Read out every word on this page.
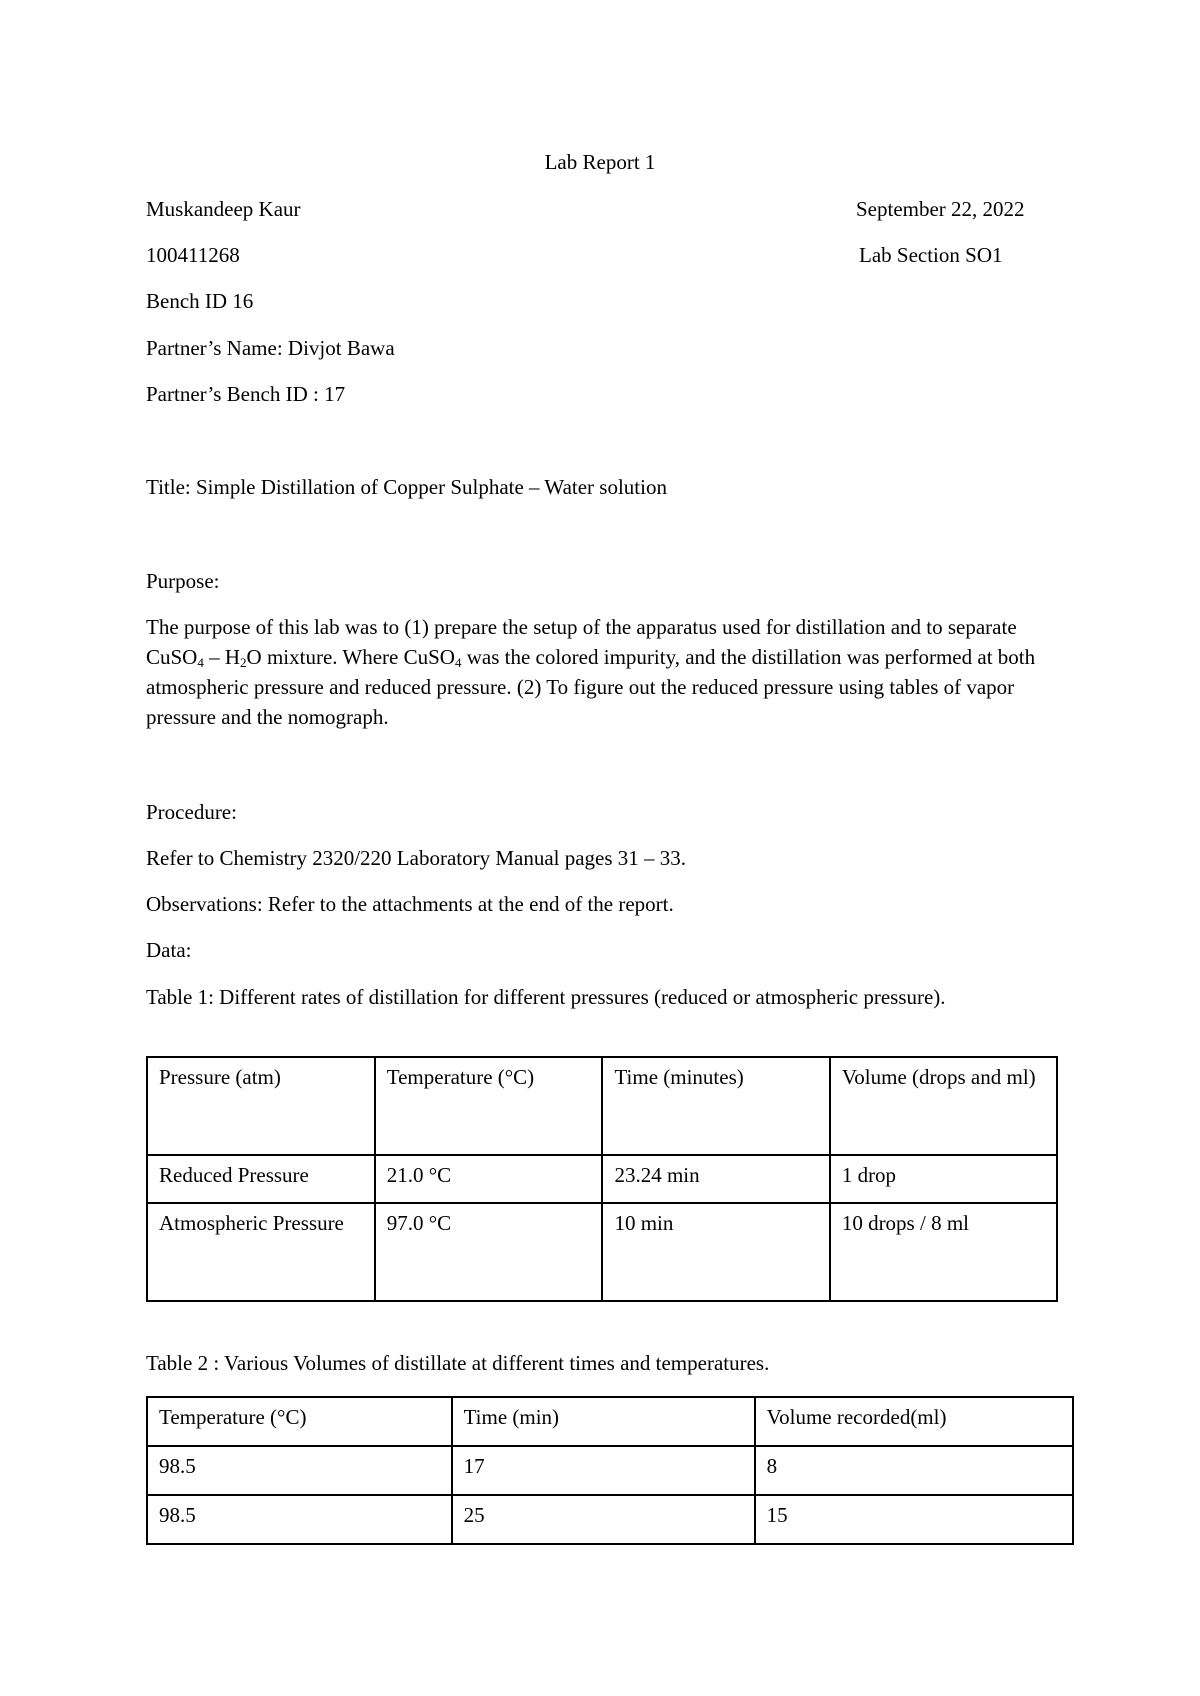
Lab Report 1
Muskandeep Kaur	September 22, 2022
100411268	Lab Section SO1
Bench ID 16
Partner’s Name: Divjot Bawa
Partner’s Bench ID : 17
Title: Simple Distillation of Copper Sulphate – Water solution
Purpose:
The purpose of this lab was to (1) prepare the setup of the apparatus used for distillation and to separate CuSO$_4$ – $H_2O$ mixture. Where CuSO$_4$ was the colored impurity, and the distillation was performed at both atmospheric pressure and reduced pressure. (2) To figure out the reduced pressure using tables of vapor pressure and the nomograph.
Procedure:
Refer to Chemistry 2320/220 Laboratory Manual pages 31 – 33.
Observations: Refer to the attachments at the end of the report.
Data:
Table 1: Different rates of distillation for different pressures (reduced or atmospheric pressure).
Pressure (atm)	Temperature (°C)	Time (minutes)	Volume (drops and ml)
Reduced Pressure	21.0 °C	23.24 min	1 drop
Atmospheric Pressure	97.0 °C	10 min	10 drops / 8 ml
Table 2 : Various Volumes of distillate at different times and temperatures.
Temperature (°C)	Time (min)	Volume recorded(ml)
98.5	17	8
98.5	25	15
